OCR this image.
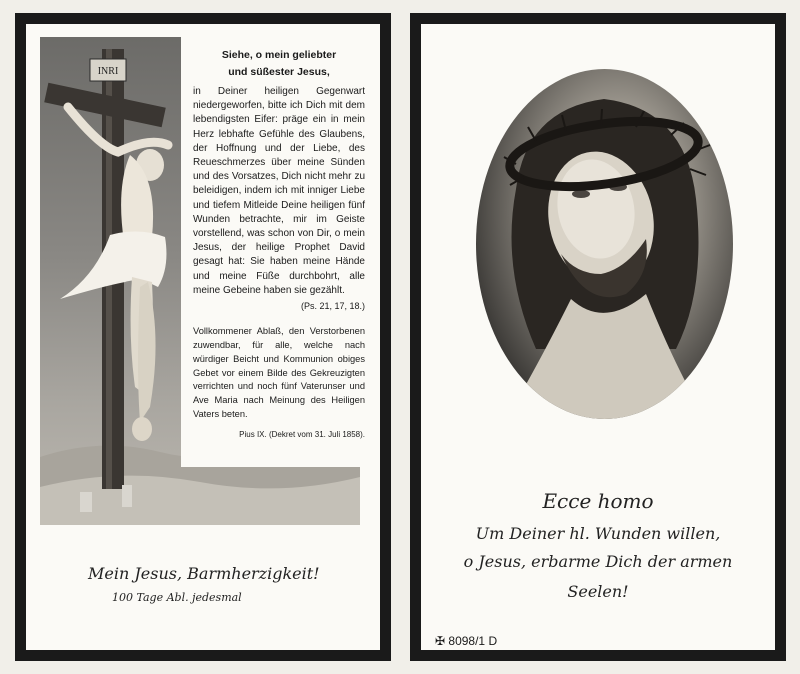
INRI
Siehe, o mein geliebter
und süßester Jesus,
in Deiner heiligen Gegenwart niedergeworfen, bitte ich Dich mit dem lebendigsten Eifer: präge ein in mein Herz lebhafte Gefühle des Glaubens, der Hoffnung und der Liebe, des Reueschmerzes über meine Sünden und des Vorsatzes, Dich nicht mehr zu beleidigen, indem ich mit inniger Liebe und tiefem Mitleide Deine heiligen fünf Wunden betrachte, mir im Geiste vorstellend, was schon von Dir, o mein Jesus, der heilige Prophet David gesagt hat: Sie haben meine Hände und meine Füße durchbohrt, alle meine Gebeine haben sie gezählt.
(Ps. 21, 17, 18.)
Vollkommener Ablaß, den Verstorbenen zuwendbar, für alle, welche nach würdiger Beicht und Kommunion obiges Gebet vor einem Bilde des Gekreuzigten verrichten und noch fünf Vaterunser und Ave Maria nach Meinung des Heiligen Vaters beten.
Pius IX. (Dekret vom 31. Juli 1858).
Mein Jesus, Barmherzigkeit!
100 Tage Abl. jedesmal
Ecce homo
Um Deiner hl. Wunden willen,
o Jesus, erbarme Dich der armen
Seelen!
✠ 8098/1 D
